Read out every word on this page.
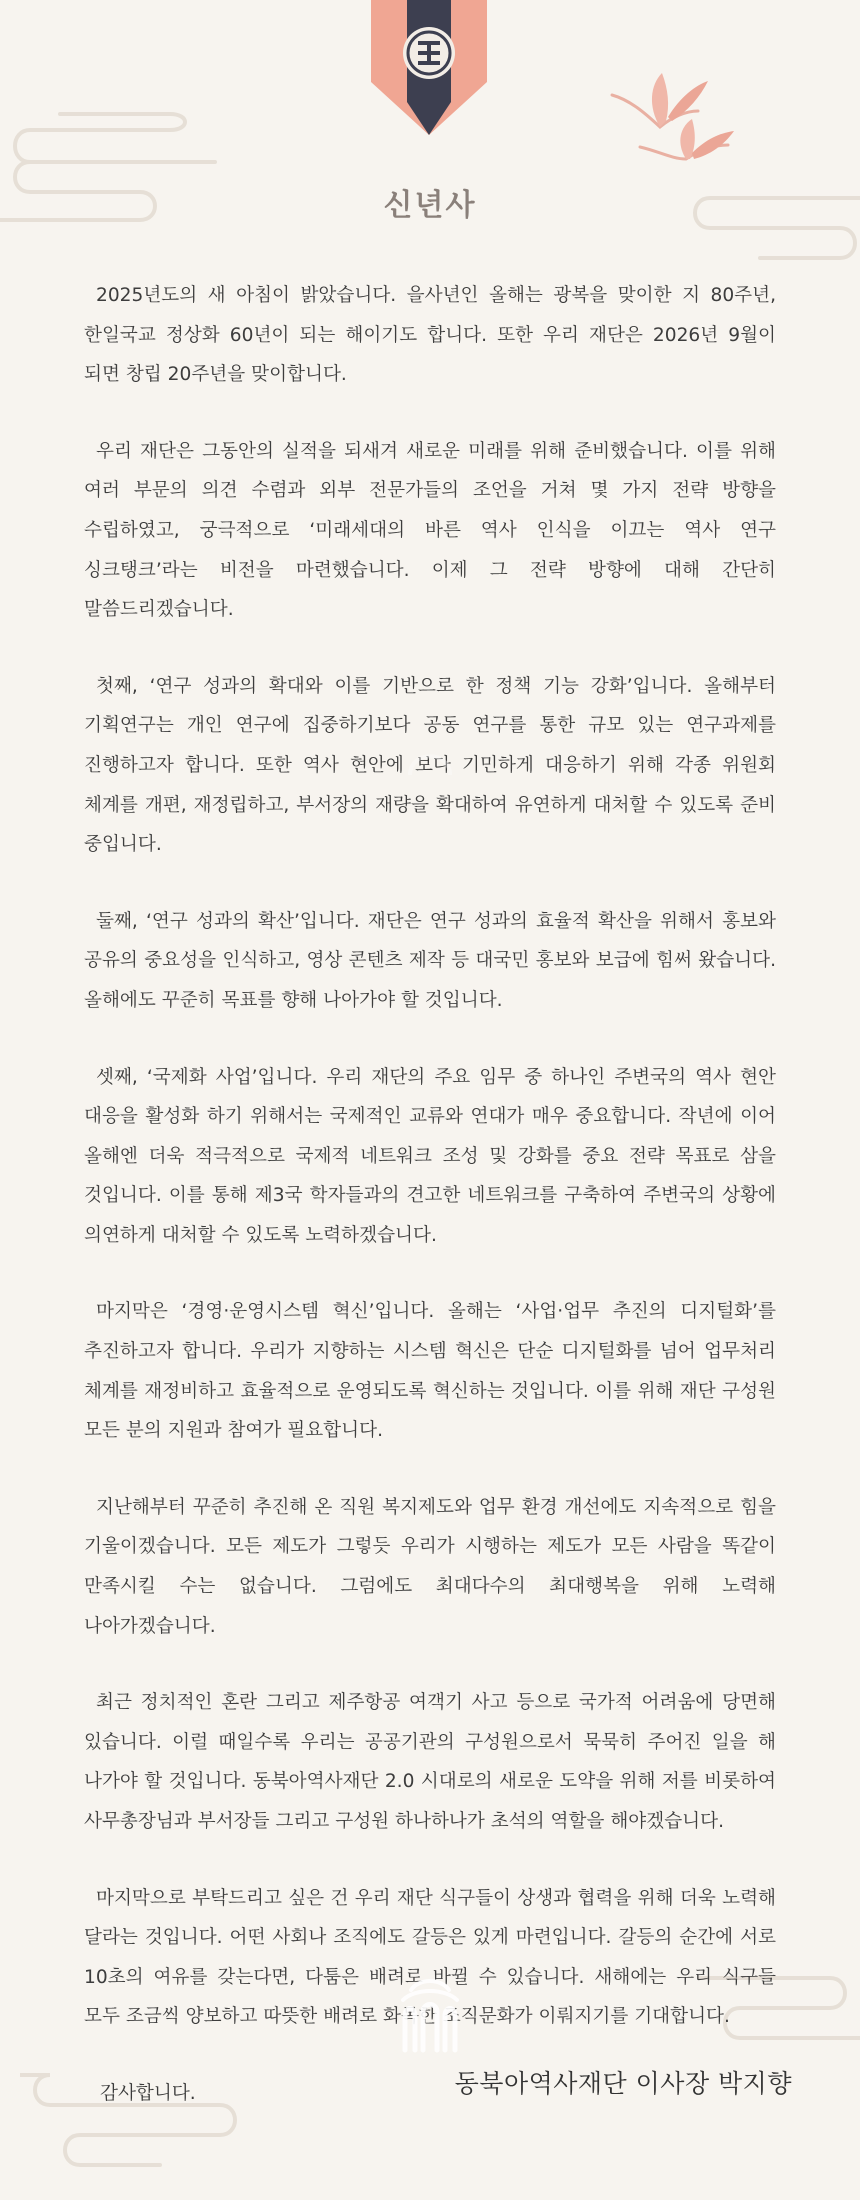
신년사

2025년도의 새 아침이 밝았습니다. 을사년인 올해는 광복을 맞이한 지 80주년, 한일국교 정상화 60년이 되는 해이기도 합니다. 또한 우리 재단은 2026년 9월이 되면 창립 20주년을 맞이합니다.

우리 재단은 그동안의 실적을 되새겨 새로운 미래를 위해 준비했습니다. 이를 위해 여러 부문의 의견 수렴과 외부 전문가들의 조언을 거쳐 몇 가지 전략 방향을 수립하였고, 궁극적으로 ‘미래세대의 바른 역사 인식을 이끄는 역사 연구 싱크탱크’라는 비전을 마련했습니다. 이제 그 전략 방향에 대해 간단히 말씀드리겠습니다.

첫째, ‘연구 성과의 확대와 이를 기반으로 한 정책 기능 강화’입니다. 올해부터 기획연구는 개인 연구에 집중하기보다 공동 연구를 통한 규모 있는 연구과제를 진행하고자 합니다. 또한 역사 현안에 보다 기민하게 대응하기 위해 각종 위원회 체계를 개편, 재정립하고, 부서장의 재량을 확대하여 유연하게 대처할 수 있도록 준비 중입니다.

둘째, ‘연구 성과의 확산’입니다. 재단은 연구 성과의 효율적 확산을 위해서 홍보와 공유의 중요성을 인식하고, 영상 콘텐츠 제작 등 대국민 홍보와 보급에 힘써 왔습니다. 올해에도 꾸준히 목표를 향해 나아가야 할 것입니다.

셋째, ‘국제화 사업’입니다. 우리 재단의 주요 임무 중 하나인 주변국의 역사 현안 대응을 활성화 하기 위해서는 국제적인 교류와 연대가 매우 중요합니다. 작년에 이어 올해엔 더욱 적극적으로 국제적 네트워크 조성 및 강화를 중요 전략 목표로 삼을 것입니다. 이를 통해 제3국 학자들과의 견고한 네트워크를 구축하여 주변국의 상황에 의연하게 대처할 수 있도록 노력하겠습니다.

마지막은 ‘경영·운영시스템 혁신’입니다. 올해는 ‘사업·업무 추진의 디지털화’를 추진하고자 합니다. 우리가 지향하는 시스템 혁신은 단순 디지털화를 넘어 업무처리 체계를 재정비하고 효율적으로 운영되도록 혁신하는 것입니다. 이를 위해 재단 구성원 모든 분의 지원과 참여가 필요합니다.

지난해부터 꾸준히 추진해 온 직원 복지제도와 업무 환경 개선에도 지속적으로 힘을 기울이겠습니다. 모든 제도가 그렇듯 우리가 시행하는 제도가 모든 사람을 똑같이 만족시킬 수는 없습니다. 그럼에도 최대다수의 최대행복을 위해 노력해 나아가겠습니다.

최근 정치적인 혼란 그리고 제주항공 여객기 사고 등으로 국가적 어려움에 당면해 있습니다. 이럴 때일수록 우리는 공공기관의 구성원으로서 묵묵히 주어진 일을 해 나가야 할 것입니다. 동북아역사재단 2.0 시대로의 새로운 도약을 위해 저를 비롯하여 사무총장님과 부서장들 그리고 구성원 하나하나가 초석의 역할을 해야겠습니다.

마지막으로 부탁드리고 싶은 건 우리 재단 식구들이 상생과 협력을 위해 더욱 노력해 달라는 것입니다. 어떤 사회나 조직에도 갈등은 있게 마련입니다. 갈등의 순간에 서로 10초의 여유를 갖는다면, 다툼은 배려로 바뀔 수 있습니다. 새해에는 우리 식구들 모두 조금씩 양보하고 따뜻한 배려로 화목한 조직문화가 이뤄지기를 기대합니다.

감사합니다.	동북아역사재단 이사장 박지향
